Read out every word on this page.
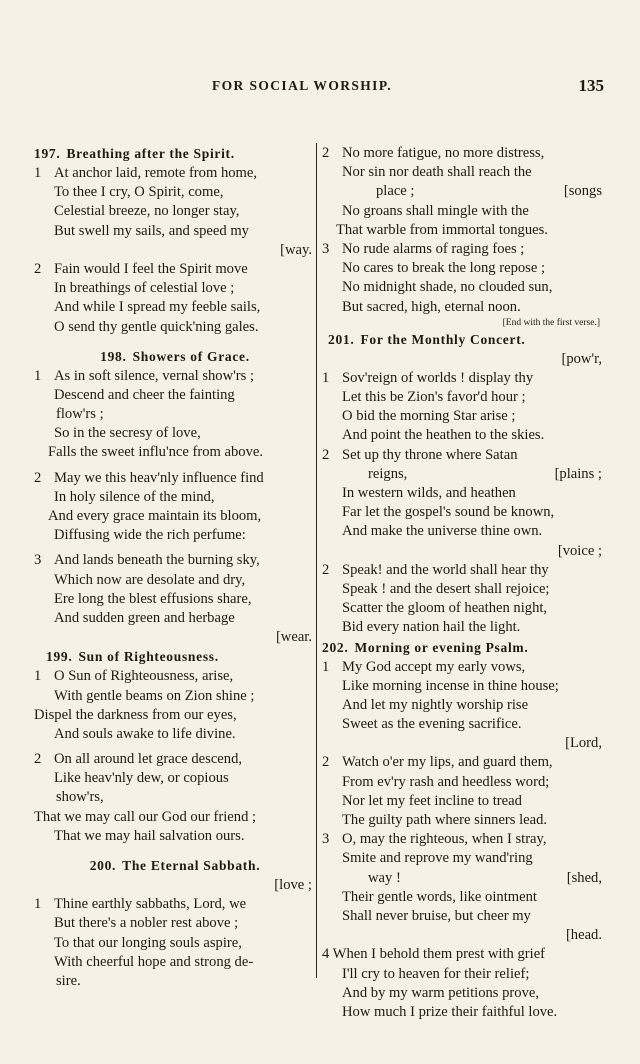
FOR SOCIAL WORSHIP.	135
197. Breathing after the Spirit.
1 At anchor laid, remote from home,
To thee I cry, O Spirit, come,
Celestial breeze, no longer stay,
But swell my sails, and speed my
[way.
2 Fain would I feel the Spirit move
In breathings of celestial love ;
And while I spread my feeble sails,
O send thy gentle quick'ning gales.
198. Showers of Grace.
1 As in soft silence, vernal show'rs ;
Descend and cheer the fainting
flow'rs ;
So in the secresy of love,
Falls the sweet influ'nce from above.
2 May we this heav'nly influence find
In holy silence of the mind,
And every grace maintain its bloom,
Diffusing wide the rich perfume:
3 And lands beneath the burning sky,
Which now are desolate and dry,
Ere long the blest effusions share,
And sudden green and herbage
[wear.
199. Sun of Righteousness.
1 O Sun of Righteousness, arise,
With gentle beams on Zion shine ;
Dispel the darkness from our eyes,
And souls awake to life divine.
2 On all around let grace descend,
Like heav'nly dew, or copious
show'rs,
That we may call our God our friend ;
That we may hail salvation ours.
200. The Eternal Sabbath.
[love ;
1 Thine earthly sabbaths, Lord, we
But there's a nobler rest above ;
To that our longing souls aspire,
With cheerful hope and strong de-
sire.
2 No more fatigue, no more distress,
Nor sin nor death shall reach the
place ;	[songs
No groans shall mingle with the
That warble from immortal tongues.
3 No rude alarms of raging foes ;
No cares to break the long repose ;
No midnight shade, no clouded sun,
But sacred, high, eternal noon.
[End with the first verse.]
201. For the Monthly Concert.
[pow'r,
1 Sov'reign of worlds ! display thy
Let this be Zion's favor'd hour ;
O bid the morning Star arise ;
And point the heathen to the skies.
2 Set up thy throne where Satan
reigns,	[plains ;
In western wilds, and heathen
Far let the gospel's sound be known,
And make the universe thine own.
[voice ;
2 Speak! and the world shall hear thy
Speak ! and the desert shall rejoice;
Scatter the gloom of heathen night,
Bid every nation hail the light.
202. Morning or evening Psalm.
1 My God accept my early vows,
Like morning incense in thine house;
And let my nightly worship rise
Sweet as the evening sacrifice.
[Lord,
2 Watch o'er my lips, and guard them,
From ev'ry rash and heedless word;
Nor let my feet incline to tread
The guilty path where sinners lead.
3 O, may the righteous, when I stray,
Smite and reprove my wand'ring
way !	[shed,
Their gentle words, like ointment
Shall never bruise, but cheer my
[head.
4 When I behold them prest with grief
I'll cry to heaven for their relief;
And by my warm petitions prove,
How much I prize their faithful love.
